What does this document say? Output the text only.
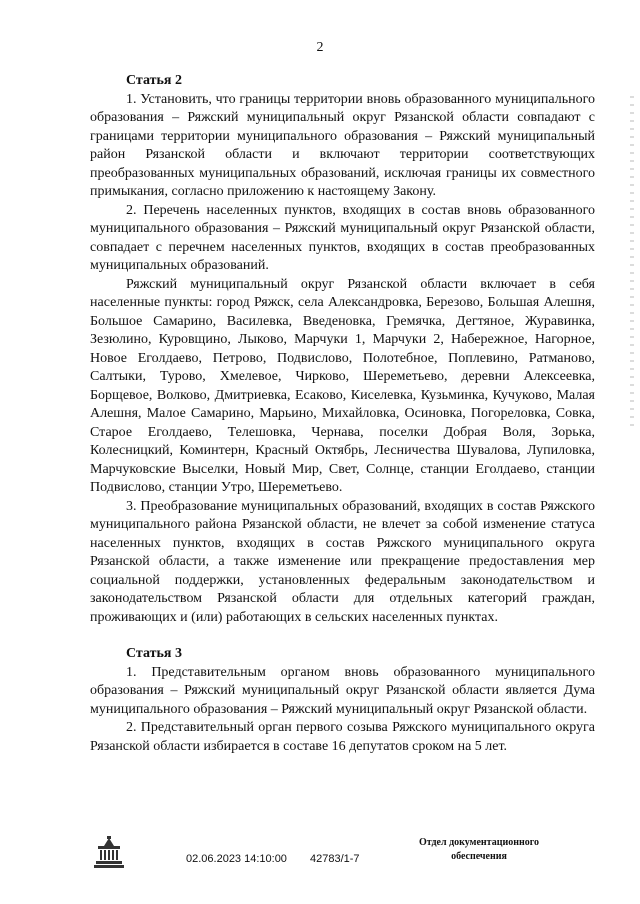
2

Статья 2

1. Установить, что границы территории вновь образованного муниципального образования – Ряжский муниципальный округ Рязанской области совпадают с границами территории муниципального образования – Ряжский муниципальный район Рязанской области и включают территории соответствующих преобразованных муниципальных образований, исключая границы их совместного примыкания, согласно приложению к настоящему Закону.

2. Перечень населенных пунктов, входящих в состав вновь образованного муниципального образования – Ряжский муниципальный округ Рязанской области, совпадает с перечнем населенных пунктов, входящих в состав преобразованных муниципальных образований.

Ряжский муниципальный округ Рязанской области включает в себя населенные пункты: город Ряжск, села Александровка, Березово, Большая Алешня, Большое Самарино, Василевка, Введеновка, Гремячка, Дегтяное, Журавинка, Зезюлино, Куровщино, Лыково, Марчуки 1, Марчуки 2, Набережное, Нагорное, Новое Еголдаево, Петрово, Подвислово, Полотебное, Поплевино, Ратманово, Салтыки, Турово, Хмелевое, Чирково, Шереметьево, деревни Алексеевка, Борщевое, Волково, Дмитриевка, Есаково, Киселевка, Кузьминка, Кучуково, Малая Алешня, Малое Самарино, Марьино, Михайловка, Осиновка, Погореловка, Совка, Старое Еголдаево, Телешовка, Чернава, поселки Добрая Воля, Зорька, Колесницкий, Коминтерн, Красный Октябрь, Лесничества Шувалова, Лупиловка, Марчуковские Выселки, Новый Мир, Свет, Солнце, станции Еголдаево, станции Подвислово, станции Утро, Шереметьево.

3. Преобразование муниципальных образований, входящих в состав Ряжского муниципального района Рязанской области, не влечет за собой изменение статуса населенных пунктов, входящих в состав Ряжского муниципального округа Рязанской области, а также изменение или прекращение предоставления мер социальной поддержки, установленных федеральным законодательством и законодательством Рязанской области для отдельных категорий граждан, проживающих и (или) работающих в сельских населенных пунктах.

Статья 3

1. Представительным органом вновь образованного муниципального образования – Ряжский муниципальный округ Рязанской области является Дума муниципального образования – Ряжский муниципальный округ Рязанской области.

2. Представительный орган первого созыва Ряжского муниципального округа Рязанской области избирается в составе 16 депутатов сроком на 5 лет.

02.06.2023 14:10:00 42783/1-7
Отдел документационного
обеспечения
